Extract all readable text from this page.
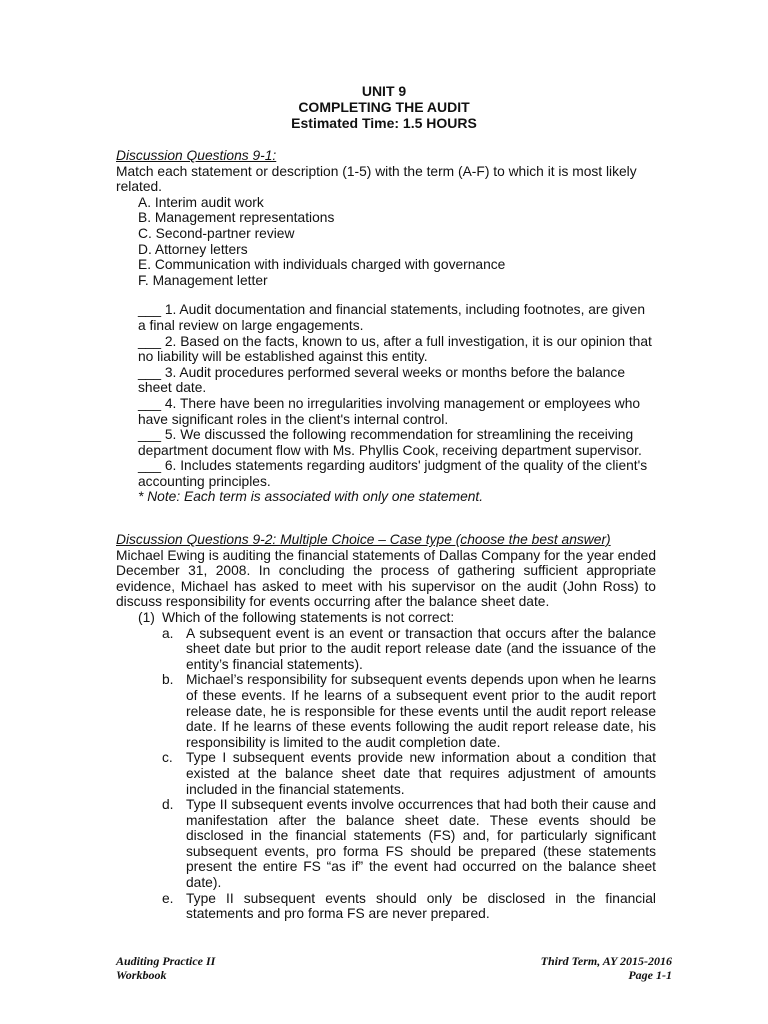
UNIT 9
COMPLETING THE AUDIT
Estimated Time: 1.5 HOURS
Discussion Questions 9-1:
Match each statement or description (1-5) with the term (A-F) to which it is most likely related.
A. Interim audit work
B. Management representations
C. Second-partner review
D. Attorney letters
E. Communication with individuals charged with governance
F. Management letter
___ 1. Audit documentation and financial statements, including footnotes, are given a final review on large engagements.
___ 2. Based on the facts, known to us, after a full investigation, it is our opinion that no liability will be established against this entity.
___ 3. Audit procedures performed several weeks or months before the balance sheet date.
___ 4. There have been no irregularities involving management or employees who have significant roles in the client's internal control.
___ 5. We discussed the following recommendation for streamlining the receiving department document flow with Ms. Phyllis Cook, receiving department supervisor.
___ 6. Includes statements regarding auditors' judgment of the quality of the client's accounting principles.
* Note: Each term is associated with only one statement.
Discussion Questions 9-2: Multiple Choice – Case type (choose the best answer)
Michael Ewing is auditing the financial statements of Dallas Company for the year ended December 31, 2008. In concluding the process of gathering sufficient appropriate evidence, Michael has asked to meet with his supervisor on the audit (John Ross) to discuss responsibility for events occurring after the balance sheet date.
(1) Which of the following statements is not correct:
a. A subsequent event is an event or transaction that occurs after the balance sheet date but prior to the audit report release date (and the issuance of the entity’s financial statements).
b. Michael’s responsibility for subsequent events depends upon when he learns of these events. If he learns of a subsequent event prior to the audit report release date, he is responsible for these events until the audit report release date. If he learns of these events following the audit report release date, his responsibility is limited to the audit completion date.
c. Type I subsequent events provide new information about a condition that existed at the balance sheet date that requires adjustment of amounts included in the financial statements.
d. Type II subsequent events involve occurrences that had both their cause and manifestation after the balance sheet date. These events should be disclosed in the financial statements (FS) and, for particularly significant subsequent events, pro forma FS should be prepared (these statements present the entire FS “as if” the event had occurred on the balance sheet date).
e. Type II subsequent events should only be disclosed in the financial statements and pro forma FS are never prepared.
Auditing Practice II
Workbook
Third Term, AY 2015-2016
Page 1-1
